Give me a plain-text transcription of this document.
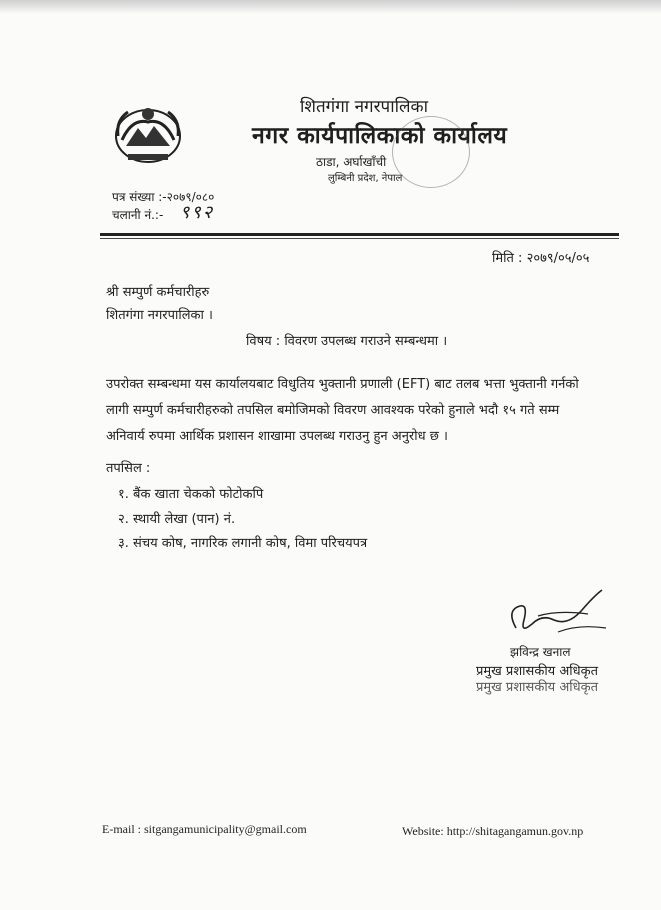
शितगंगा नगरपालिका
नगर कार्यपालिकाको कार्यालय
ठाडा, अर्घाखाँची
लुम्बिनी प्रदेश, नेपाल
पत्र संख्या :-२०७९/०८०
चलानी नं.:- ९९२
मिति : २०७९/०५/०५
श्री सम्पुर्ण कर्मचारीहरु
शितगंगा नगरपालिका ।
विषय : विवरण उपलब्ध गराउने सम्बन्धमा ।
उपरोक्त सम्बन्धमा यस कार्यालयबाट विधुतिय भुक्तानी प्रणाली (EFT) बाट तलब भत्ता भुक्तानी गर्नको
लागी सम्पुर्ण कर्मचारीहरुको तपसिल बमोजिमको विवरण आवश्यक परेको हुनाले भदौ १५ गते सम्म
अनिवार्य रुपमा आर्थिक प्रशासन शाखामा उपलब्ध गराउनु हुन अनुरोध छ ।
तपसिल :
१. बैंक खाता चेकको फोटोकपि
२. स्थायी लेखा (पान) नं.
३. संचय कोष, नागरिक लगानी कोष, विमा परिचयपत्र
झविन्द्र खनाल
प्रमुख प्रशासकीय अधिकृत
प्रमुख प्रशासकीय अधिकृत
E-mail : sitgangamunicipality@gmail.com	Website: http://shitagangamun.gov.np
